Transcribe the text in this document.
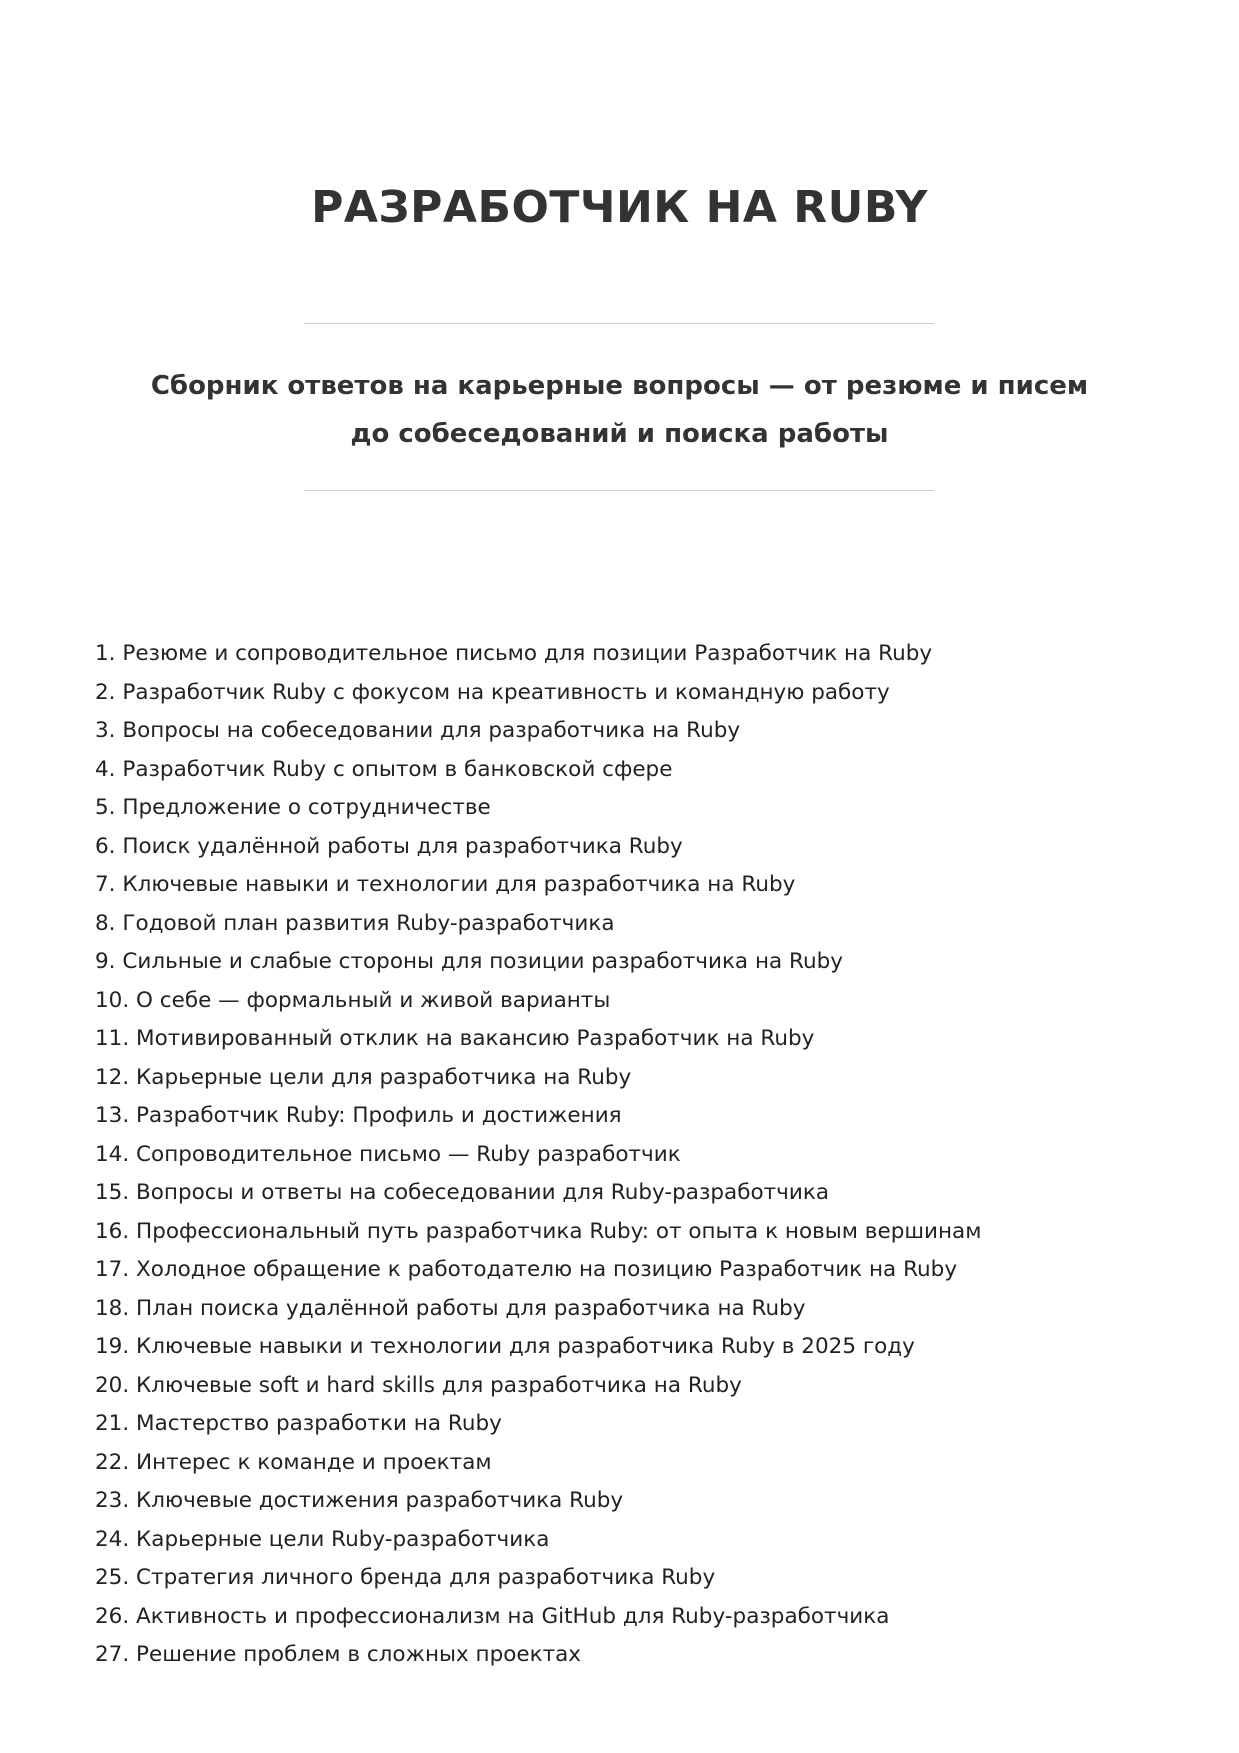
РАЗРАБОТЧИК НА RUBY

Сборник ответов на карьерные вопросы — от резюме и писем до собеседований и поиска работы

1. Резюме и сопроводительное письмо для позиции Разработчик на Ruby
2. Разработчик Ruby с фокусом на креативность и командную работу
3. Вопросы на собеседовании для разработчика на Ruby
4. Разработчик Ruby с опытом в банковской сфере
5. Предложение о сотрудничестве
6. Поиск удалённой работы для разработчика Ruby
7. Ключевые навыки и технологии для разработчика на Ruby
8. Годовой план развития Ruby-разработчика
9. Сильные и слабые стороны для позиции разработчика на Ruby
10. О себе — формальный и живой варианты
11. Мотивированный отклик на вакансию Разработчик на Ruby
12. Карьерные цели для разработчика на Ruby
13. Разработчик Ruby: Профиль и достижения
14. Сопроводительное письмо — Ruby разработчик
15. Вопросы и ответы на собеседовании для Ruby-разработчика
16. Профессиональный путь разработчика Ruby: от опыта к новым вершинам
17. Холодное обращение к работодателю на позицию Разработчик на Ruby
18. План поиска удалённой работы для разработчика на Ruby
19. Ключевые навыки и технологии для разработчика Ruby в 2025 году
20. Ключевые soft и hard skills для разработчика на Ruby
21. Мастерство разработки на Ruby
22. Интерес к команде и проектам
23. Ключевые достижения разработчика Ruby
24. Карьерные цели Ruby-разработчика
25. Стратегия личного бренда для разработчика Ruby
26. Активность и профессионализм на GitHub для Ruby-разработчика
27. Решение проблем в сложных проектах
